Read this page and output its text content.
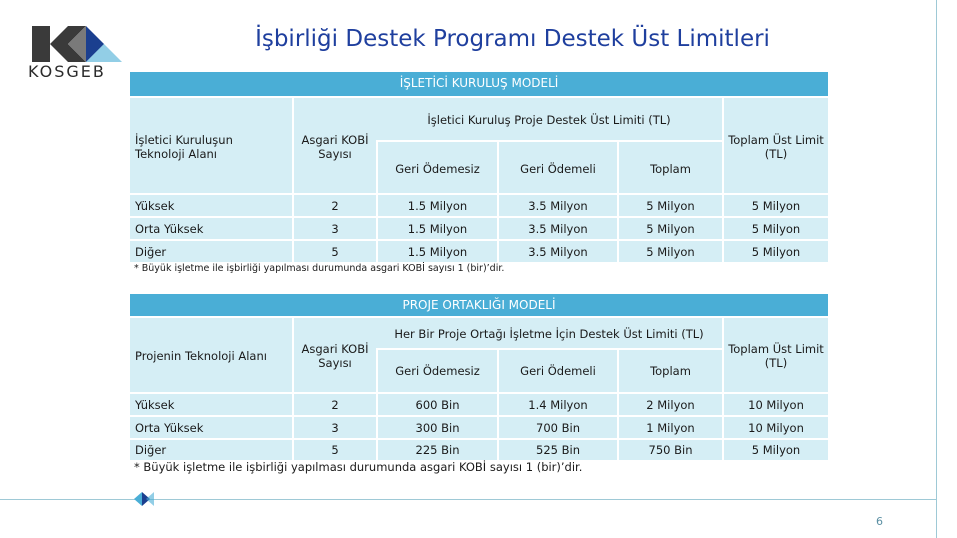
KOSGEB
İşbirliği Destek Programı Destek Üst Limitleri
İŞLETİCİ KURULUŞ MODELİ
İşletici Kuruluşun Teknoloji Alanı
Asgari KOBİ Sayısı
İşletici Kuruluş Proje Destek Üst Limiti (TL)
Geri Ödemesiz	Geri Ödemeli	Toplam
Toplam Üst Limit (TL)
Yüksek	2	1.5 Milyon	3.5 Milyon	5 Milyon	5 Milyon
Orta Yüksek	3	1.5 Milyon	3.5 Milyon	5 Milyon	5 Milyon
Diğer	5	1.5 Milyon	3.5 Milyon	5 Milyon	5 Milyon
* Büyük işletme ile işbirliği yapılması durumunda asgari KOBİ sayısı 1 (bir)’dir.
PROJE ORTAKLIĞI MODELİ
Projenin Teknoloji Alanı	Asgari KOBİ Sayısı
Her Bir Proje Ortağı İşletme İçin Destek Üst Limiti (TL)
Geri Ödemesiz	Geri Ödemeli	Toplam
Toplam Üst Limit (TL)
Yüksek	2	600 Bin	1.4 Milyon	2 Milyon	10 Milyon
Orta Yüksek	3	300 Bin	700 Bin	1 Milyon	10 Milyon
Diğer	5	225 Bin	525 Bin	750 Bin	5 Milyon
* Büyük işletme ile işbirliği yapılması durumunda asgari KOBİ sayısı 1 (bir)’dir.
6
